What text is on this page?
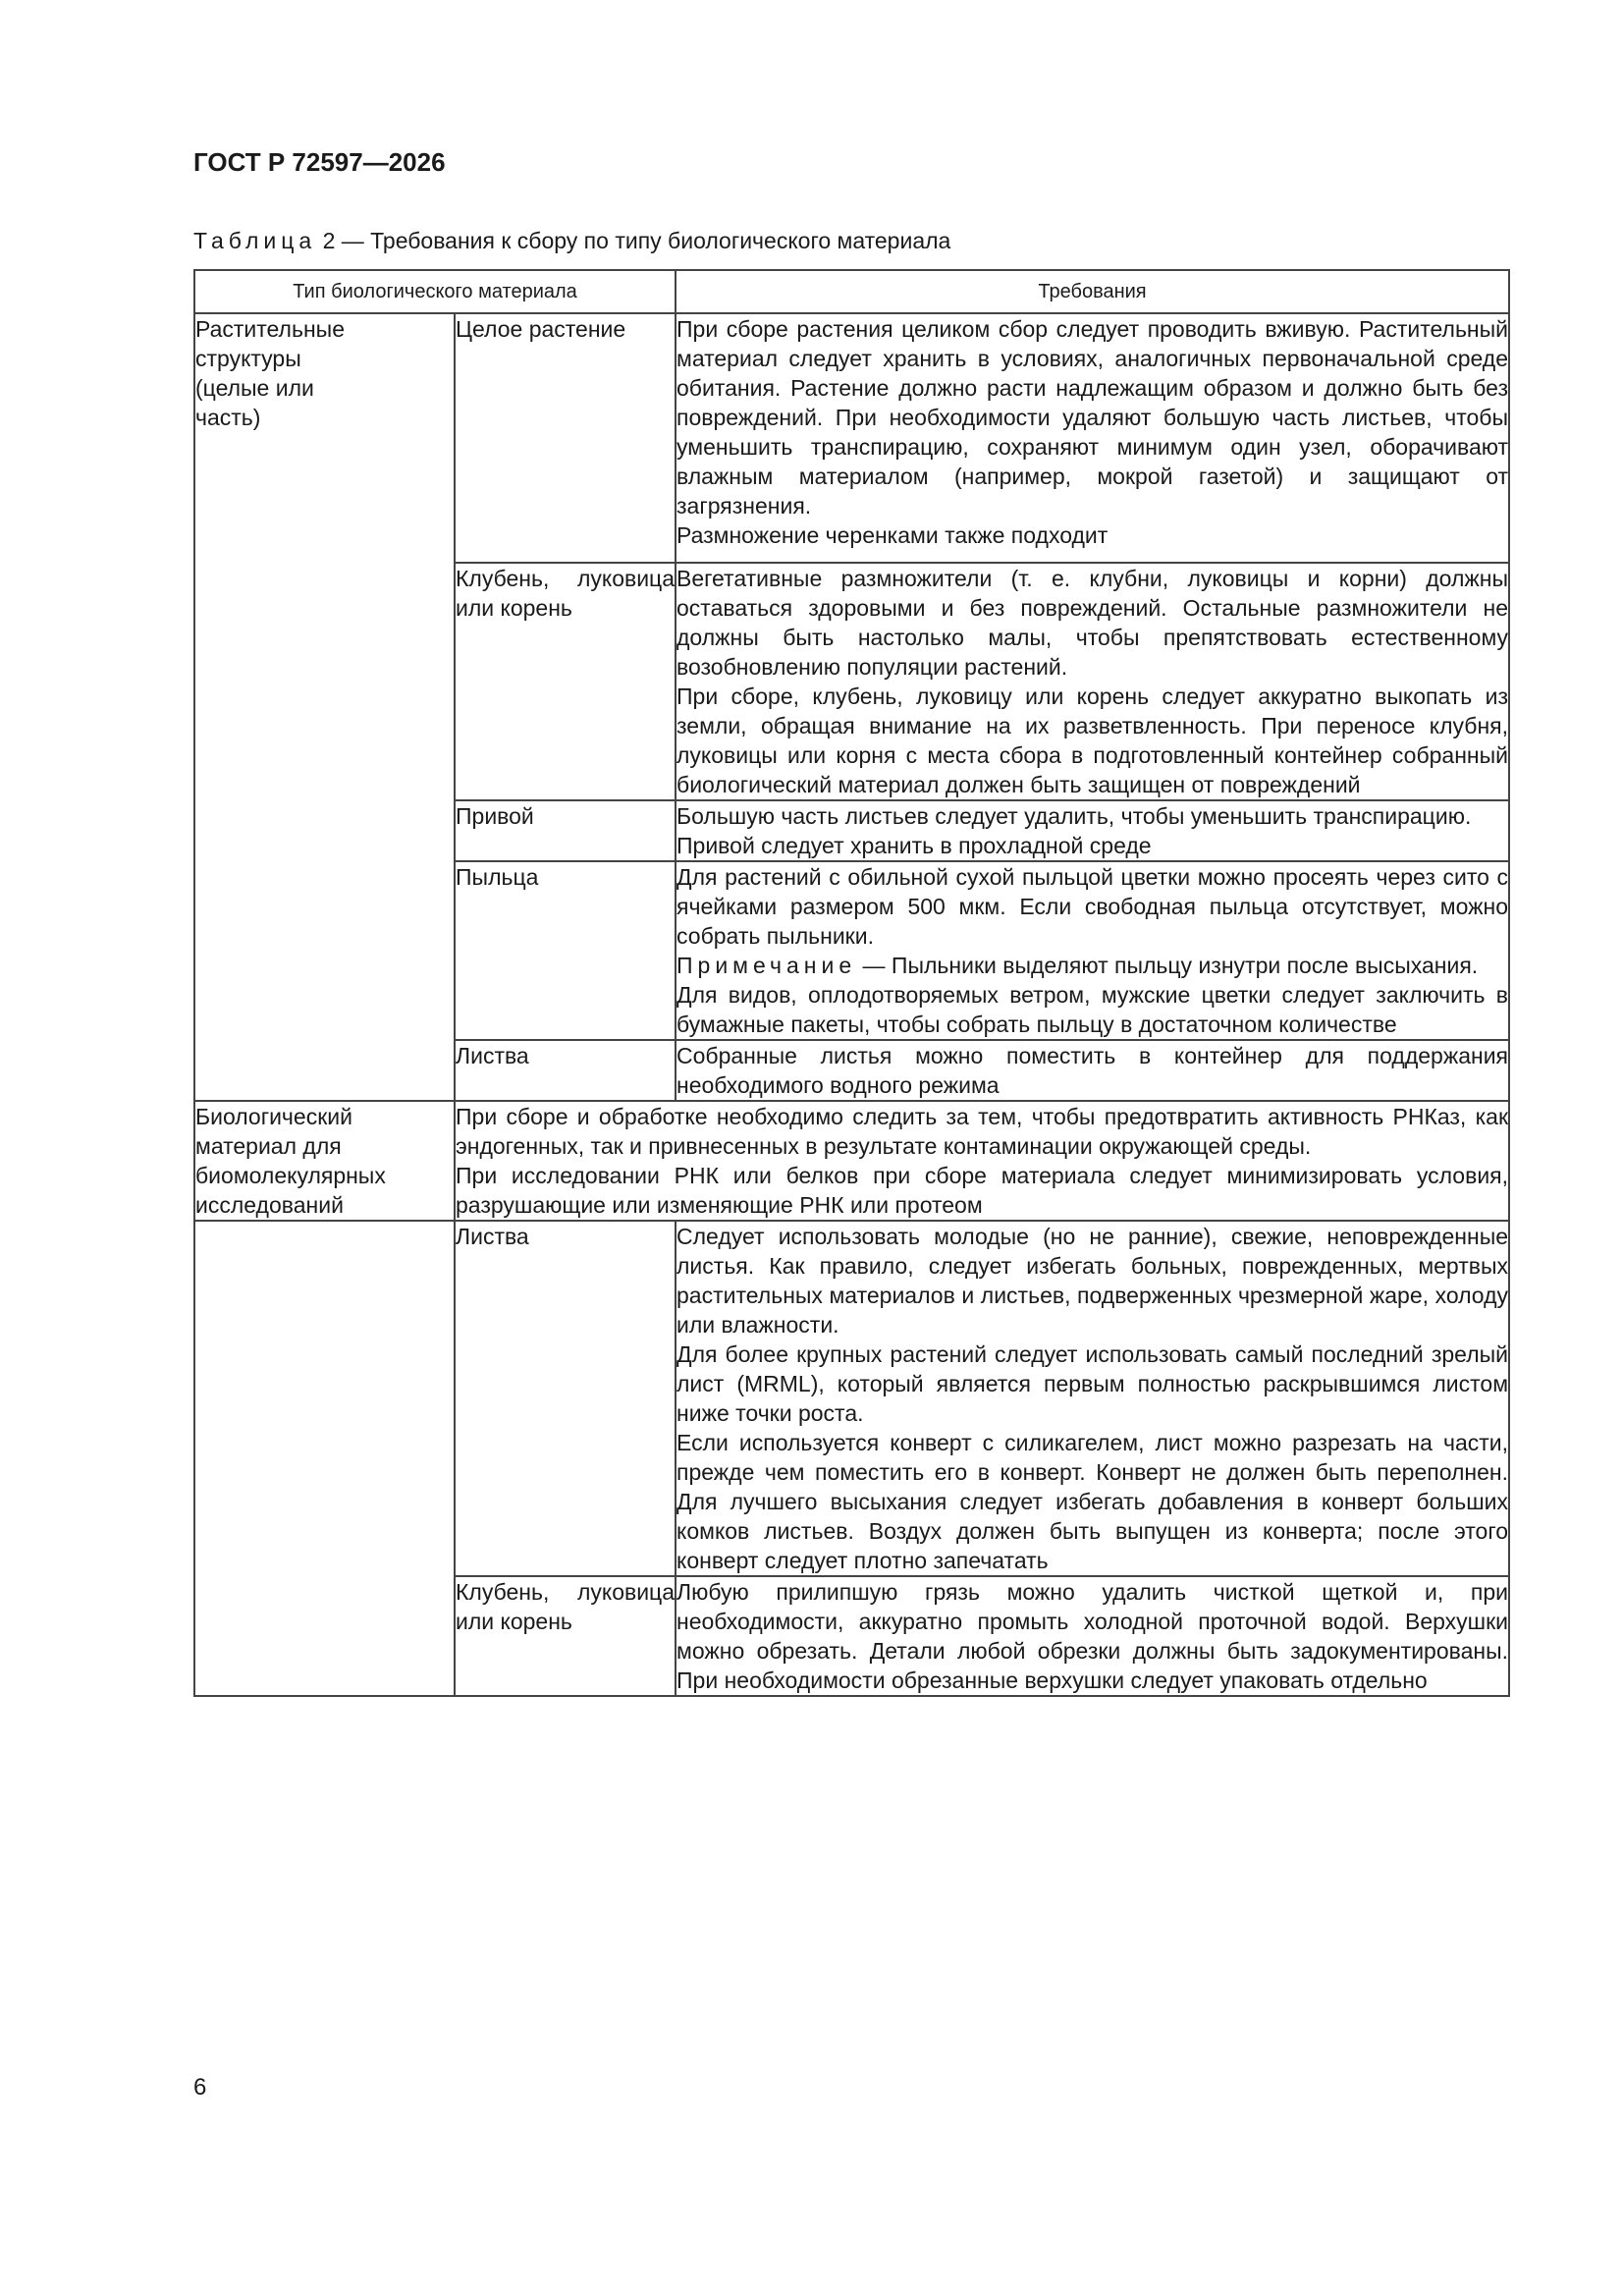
ГОСТ Р 72597—2026
Таблица 2 — Требования к сбору по типу биологического материала
Тип биологического материала		Требования

Растительные структуры (целые или часть)	Целое растение	При сборе растения целиком сбор следует проводить вживую. Растительный материал следует хранить в условиях, аналогичных первоначальной среде обитания. Растение должно расти надлежащим образом и должно быть без повреждений. При необходимости удаляют большую часть листьев, чтобы уменьшить транспирацию, сохраняют минимум один узел, оборачивают влажным материалом (например, мокрой газетой) и защищают от загрязнения.
Размножение черенками также подходит

	Клубень, луковица или корень	Вегетативные размножители (т. е. клубни, луковицы и корни) должны оставаться здоровыми и без повреждений. Остальные размножители не должны быть настолько малы, чтобы препятствовать естественному возобновлению популяции растений.
При сборе, клубень, луковицу или корень следует аккуратно выкопать из земли, обращая внимание на их разветвленность. При переносе клубня, луковицы или корня с места сбора в подготовленный контейнер собранный биологический материал должен быть защищен от повреждений

	Привой	Большую часть листьев следует удалить, чтобы уменьшить транспирацию.
Привой следует хранить в прохладной среде

	Пыльца	Для растений с обильной сухой пыльцой цветки можно просеять через сито с ячейками размером 500 мкм. Если свободная пыльца отсутствует, можно собрать пыльники.
Примечание — Пыльники выделяют пыльцу изнутри после высыхания.
Для видов, оплодотворяемых ветром, мужские цветки следует заключить в бумажные пакеты, чтобы собрать пыльцу в достаточном количестве

	Листва	Собранные листья можно поместить в контейнер для поддержания необходимого водного режима

Биологический материал для биомолекулярных исследований	При сборе и обработке необходимо следить за тем, чтобы предотвратить активность РНКаз, как эндогенных, так и привнесенных в результате контаминации окружающей среды.
При исследовании РНК или белков при сборе материала следует минимизировать условия, разрушающие или изменяющие РНК или протеом	

	Листва	Следует использовать молодые (но не ранние), свежие, неповрежденные листья. Как правило, следует избегать больных, поврежденных, мертвых растительных материалов и листьев, подверженных чрезмерной жаре, холоду или влажности.
Для более крупных растений следует использовать самый последний зрелый лист (MRML), который является первым полностью раскрывшимся листом ниже точки роста.
Если используется конверт с силикагелем, лист можно разрезать на части, прежде чем поместить его в конверт. Конверт не должен быть переполнен. Для лучшего высыхания следует избегать добавления в конверт больших комков листьев. Воздух должен быть выпущен из конверта; после этого конверт следует плотно запечатать

	Клубень, луковица или корень	Любую прилипшую грязь можно удалить чисткой щеткой и, при необходимости, аккуратно промыть холодной проточной водой. Верхушки можно обрезать. Детали любой обрезки должны быть задокументированы. При необходимости обрезанные верхушки следует упаковать отдельно
6
